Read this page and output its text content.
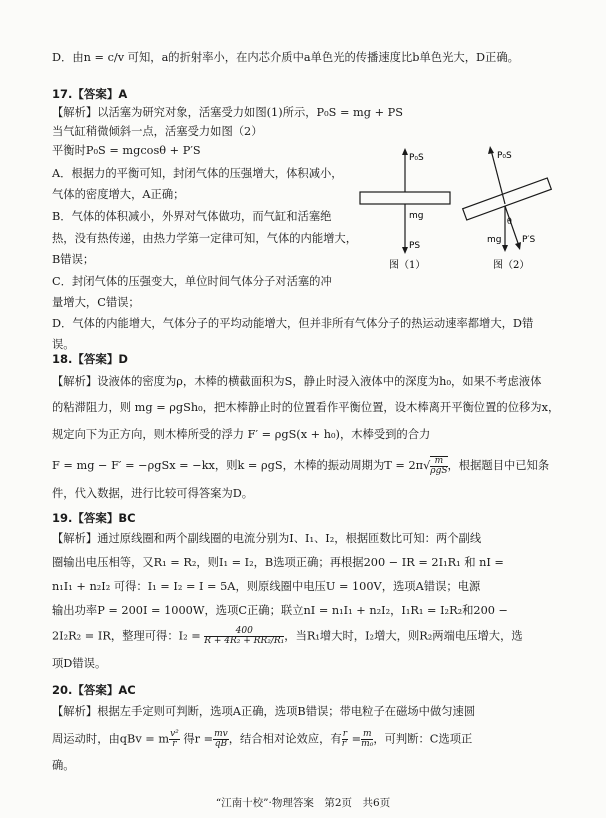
D．由n = c/v 可知，a的折射率小，在内芯介质中a单色光的传播速度比b单色光大，D正确。
17.【答案】A
【解析】以活塞为研究对象，活塞受力如图(1)所示，P₀S = mg + PS
当气缸稍微倾斜一点，活塞受力如图（2）
平衡时P₀S = mgcosθ + P′S
A．根据力的平衡可知，封闭气体的压强增大，体积减小，
气体的密度增大，A正确；
B．气体的体积减小，外界对气体做功，而气缸和活塞绝
热，没有热传递，由热力学第一定律可知，气体的内能增大，
B错误；
C．封闭气体的压强变大，单位时间气体分子对活塞的冲
量增大，C错误；
D．气体的内能增大，气体分子的平均动能增大，但并非所有气体分子的热运动速率都增大，D错
误。
P₀S
mg
PS
图（1）
P₀S
θ
mg P′S
图（2）
18.【答案】D
【解析】设液体的密度为ρ，木棒的横截面积为S，静止时浸入液体中的深度为h₀，如果不考虑液体
的粘滞阻力，则 mg = ρgSh₀，把木棒静止时的位置看作平衡位置，设木棒离开平衡位置的位移为x，
规定向下为正方向，则木棒所受的浮力 F′ = ρgS(x + h₀)，木棒受到的合力
F = mg − F′ = −ρgSx = −kx，则k = ρgS，木棒的振动周期为$T = 2\pi√ \frac{m}{\text{ρgS}}$ ，根据题目中已知条
件，代入数据，进行比较可得答案为D。
19.【答案】BC
【解析】通过原线圈和两个副线圈的电流分别为I、I₁、I₂，根据匝数比可知：两个副线
圈输出电压相等，又R₁ = R₂，则I₁ = I₂，B选项正确；再根据200 − IR = 2I₁R₁ 和 nI =
n₁I₁ + n₂I₂ 可得：I₁ = I₂ = I = 5A，则原线圈中电压U = 100V，选项A错误；电源
输出功率P = 200I = 1000W，选项C正确；联立nI = n₁I₁ + n₂I₂，I₁R₁ = I₂R₂和200 −
2I₂R₂ = IR，整理可得：$I_2 = \frac{400}{\text{R + 4R₂ + RR₂/R₁}}$ ，当R₁增大时，I₂增大，则R₂两端电压增大，选
项D错误。
20.【答案】AC
【解析】根据左手定则可判断，选项A正确，选项B错误；带电粒子在磁场中做匀速圆
周运动时，由qBv = m $\frac{\text{v²}}{r}$ 得$r = \frac{mv}{qB}$ ，结合相对论效应，有 $\frac{r}{r'} = \frac{m}{\text{m₀}}$ ，可判断：C选项正
确。
“江南十校”·物理答案　第2页　共6页
